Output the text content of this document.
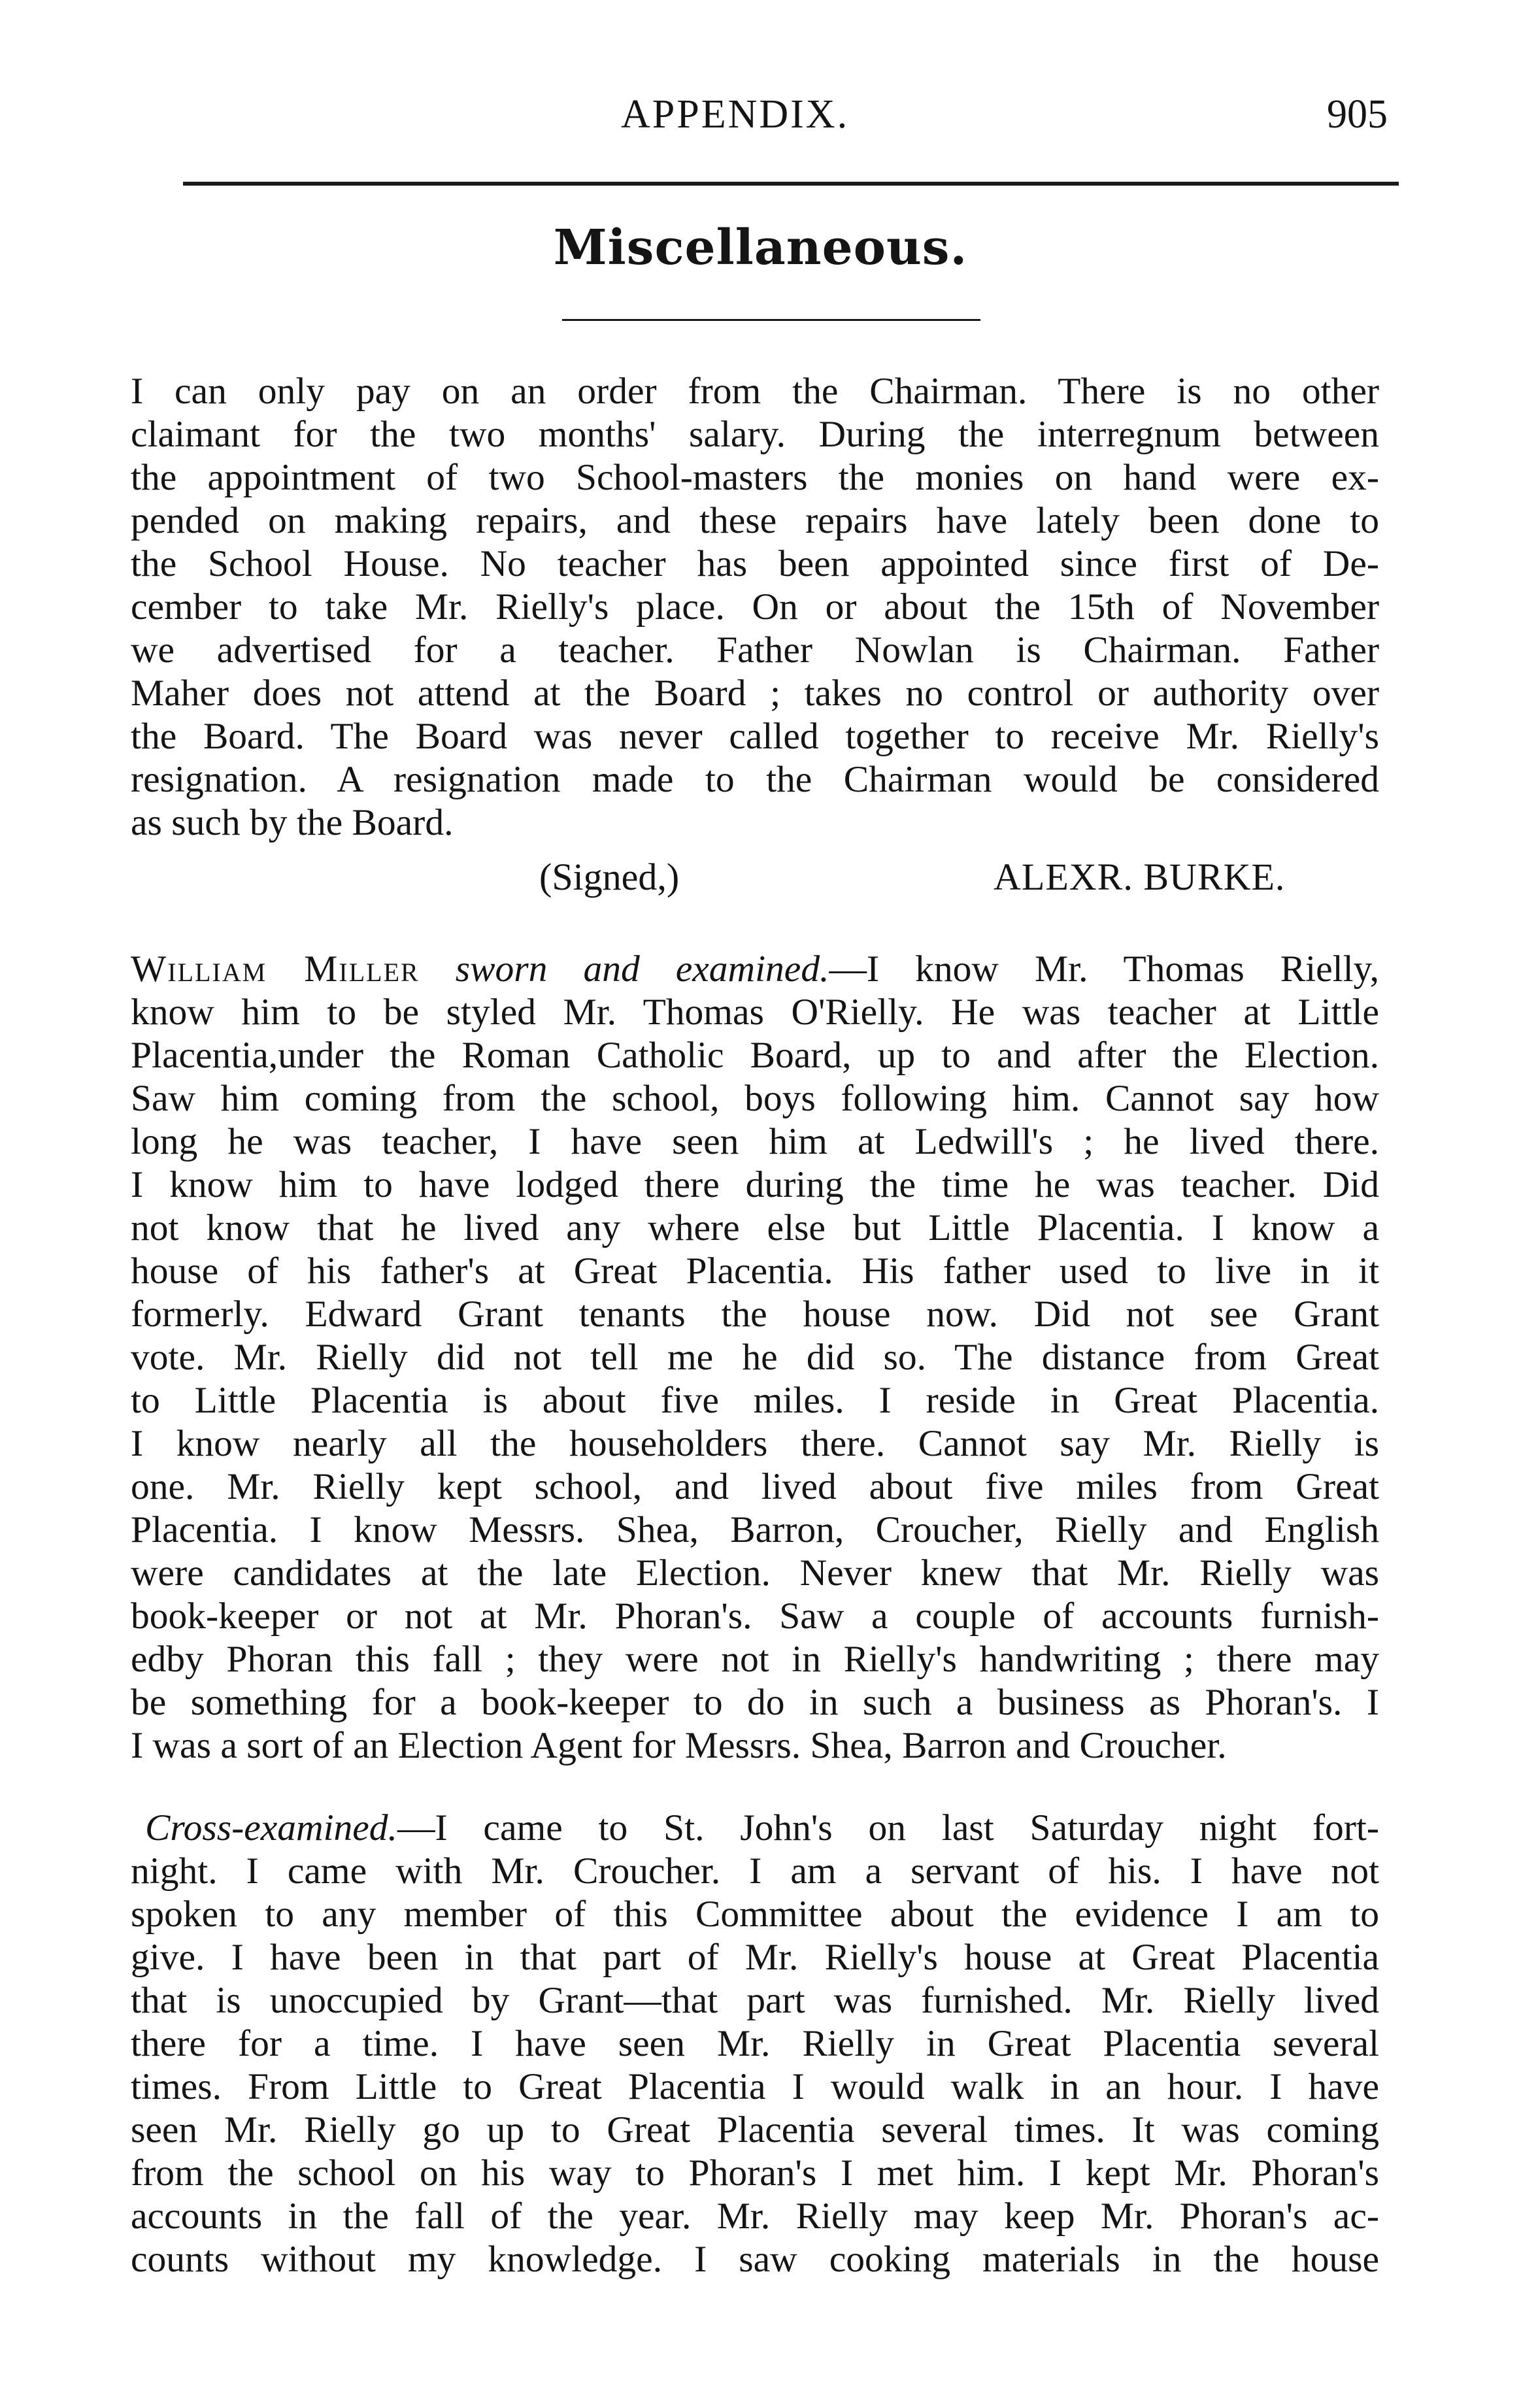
APPENDIX.	905
Miscellaneous.
I can only pay on an order from the Chairman. There is no other
claimant for the two months' salary. During the interregnum between
the appointment of two School-masters the monies on hand were ex-
pended on making repairs, and these repairs have lately been done to
the School House. No teacher has been appointed since first of De-
cember to take Mr. Rielly's place. On or about the 15th of November
we advertised for a teacher. Father Nowlan is Chairman. Father
Maher does not attend at the Board ; takes no control or authority over
the Board. The Board was never called together to receive Mr. Rielly's
resignation. A resignation made to the Chairman would be considered
as such by the Board.
(Signed,)	ALEXR. BURKE.
William Miller sworn and examined.—I know Mr. Thomas Rielly,
know him to be styled Mr. Thomas O'Rielly. He was teacher at Little
Placentia,under the Roman Catholic Board, up to and after the Election.
Saw him coming from the school, boys following him. Cannot say how
long he was teacher, I have seen him at Ledwill's ; he lived there.
I know him to have lodged there during the time he was teacher. Did
not know that he lived any where else but Little Placentia. I know a
house of his father's at Great Placentia. His father used to live in it
formerly. Edward Grant tenants the house now. Did not see Grant
vote. Mr. Rielly did not tell me he did so. The distance from Great
to Little Placentia is about five miles. I reside in Great Placentia.
I know nearly all the householders there. Cannot say Mr. Rielly is
one. Mr. Rielly kept school, and lived about five miles from Great
Placentia. I know Messrs. Shea, Barron, Croucher, Rielly and English
were candidates at the late Election. Never knew that Mr. Rielly was
book-keeper or not at Mr. Phoran's. Saw a couple of accounts furnish-
edby Phoran this fall ; they were not in Rielly's handwriting ; there may
be something for a book-keeper to do in such a business as Phoran's. I
I was a sort of an Election Agent for Messrs. Shea, Barron and Croucher.
Cross-examined.—I came to St. John's on last Saturday night fort-
night. I came with Mr. Croucher. I am a servant of his. I have not
spoken to any member of this Committee about the evidence I am to
give. I have been in that part of Mr. Rielly's house at Great Placentia
that is unoccupied by Grant—that part was furnished. Mr. Rielly lived
there for a time. I have seen Mr. Rielly in Great Placentia several
times. From Little to Great Placentia I would walk in an hour. I have
seen Mr. Rielly go up to Great Placentia several times. It was coming
from the school on his way to Phoran's I met him. I kept Mr. Phoran's
accounts in the fall of the year. Mr. Rielly may keep Mr. Phoran's ac-
counts without my knowledge. I saw cooking materials in the house
